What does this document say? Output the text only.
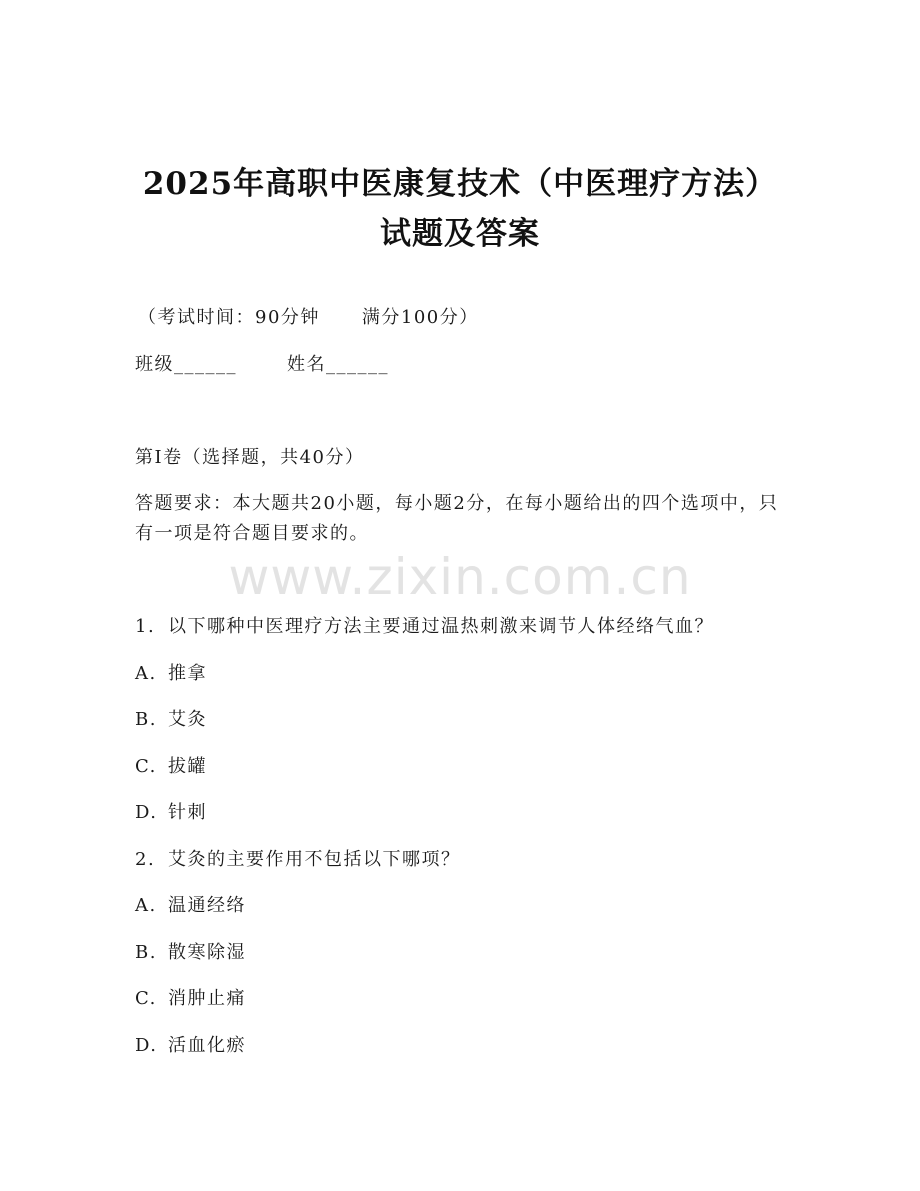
2025年高职中医康复技术（中医理疗方法）
试题及答案
（考试时间：90分钟 满分100分）
班级______	姓名______
第I卷（选择题，共40分）
答题要求：本大题共20小题，每小题2分，在每小题给出的四个选项中，只有一项是符合题目要求的。
www.zixin.com.cn
1. 以下哪种中医理疗方法主要通过温热刺激来调节人体经络气血？
A. 推拿
B. 艾灸
C. 拔罐
D. 针刺
2. 艾灸的主要作用不包括以下哪项？
A. 温通经络
B. 散寒除湿
C. 消肿止痛
D. 活血化瘀
